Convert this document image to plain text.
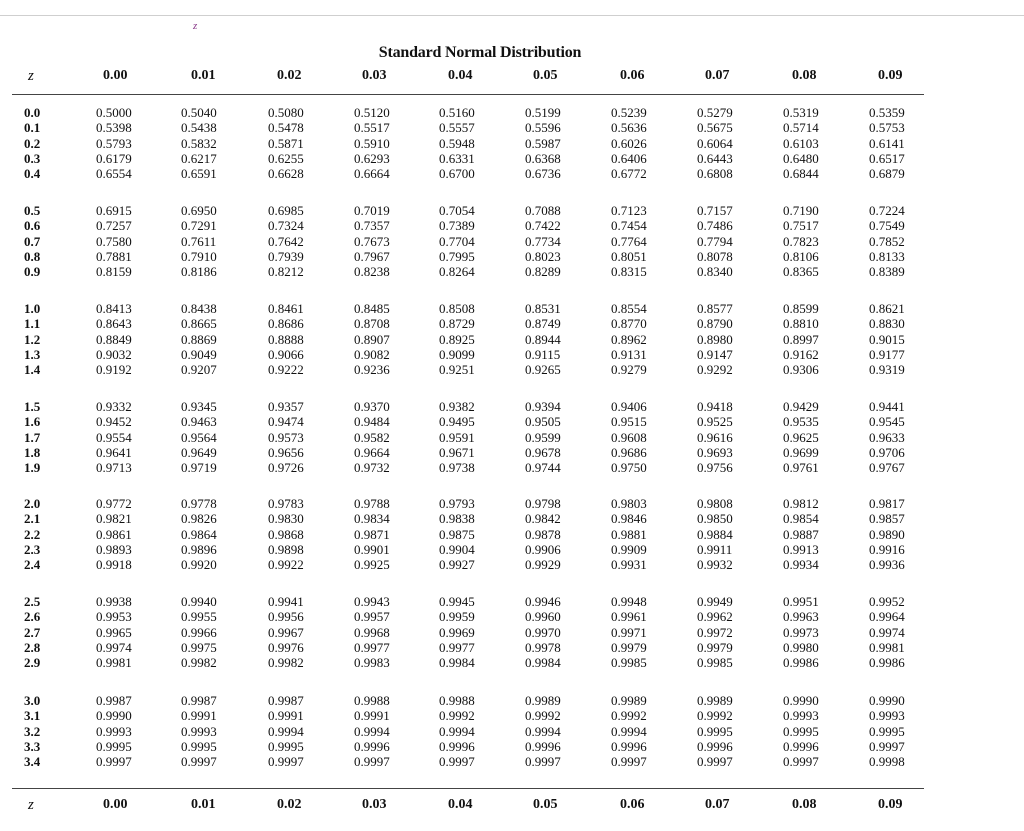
z
Standard Normal Distribution
z	0.00	0.01	0.02	0.03	0.04	0.05	0.06	0.07	0.08	0.09
0.0	0.5000	0.5040	0.5080	0.5120	0.5160	0.5199	0.5239	0.5279	0.5319	0.5359
0.1	0.5398	0.5438	0.5478	0.5517	0.5557	0.5596	0.5636	0.5675	0.5714	0.5753
0.2	0.5793	0.5832	0.5871	0.5910	0.5948	0.5987	0.6026	0.6064	0.6103	0.6141
0.3	0.6179	0.6217	0.6255	0.6293	0.6331	0.6368	0.6406	0.6443	0.6480	0.6517
0.4	0.6554	0.6591	0.6628	0.6664	0.6700	0.6736	0.6772	0.6808	0.6844	0.6879
0.5	0.6915	0.6950	0.6985	0.7019	0.7054	0.7088	0.7123	0.7157	0.7190	0.7224
0.6	0.7257	0.7291	0.7324	0.7357	0.7389	0.7422	0.7454	0.7486	0.7517	0.7549
0.7	0.7580	0.7611	0.7642	0.7673	0.7704	0.7734	0.7764	0.7794	0.7823	0.7852
0.8	0.7881	0.7910	0.7939	0.7967	0.7995	0.8023	0.8051	0.8078	0.8106	0.8133
0.9	0.8159	0.8186	0.8212	0.8238	0.8264	0.8289	0.8315	0.8340	0.8365	0.8389
1.0	0.8413	0.8438	0.8461	0.8485	0.8508	0.8531	0.8554	0.8577	0.8599	0.8621
1.1	0.8643	0.8665	0.8686	0.8708	0.8729	0.8749	0.8770	0.8790	0.8810	0.8830
1.2	0.8849	0.8869	0.8888	0.8907	0.8925	0.8944	0.8962	0.8980	0.8997	0.9015
1.3	0.9032	0.9049	0.9066	0.9082	0.9099	0.9115	0.9131	0.9147	0.9162	0.9177
1.4	0.9192	0.9207	0.9222	0.9236	0.9251	0.9265	0.9279	0.9292	0.9306	0.9319
1.5	0.9332	0.9345	0.9357	0.9370	0.9382	0.9394	0.9406	0.9418	0.9429	0.9441
1.6	0.9452	0.9463	0.9474	0.9484	0.9495	0.9505	0.9515	0.9525	0.9535	0.9545
1.7	0.9554	0.9564	0.9573	0.9582	0.9591	0.9599	0.9608	0.9616	0.9625	0.9633
1.8	0.9641	0.9649	0.9656	0.9664	0.9671	0.9678	0.9686	0.9693	0.9699	0.9706
1.9	0.9713	0.9719	0.9726	0.9732	0.9738	0.9744	0.9750	0.9756	0.9761	0.9767
2.0	0.9772	0.9778	0.9783	0.9788	0.9793	0.9798	0.9803	0.9808	0.9812	0.9817
2.1	0.9821	0.9826	0.9830	0.9834	0.9838	0.9842	0.9846	0.9850	0.9854	0.9857
2.2	0.9861	0.9864	0.9868	0.9871	0.9875	0.9878	0.9881	0.9884	0.9887	0.9890
2.3	0.9893	0.9896	0.9898	0.9901	0.9904	0.9906	0.9909	0.9911	0.9913	0.9916
2.4	0.9918	0.9920	0.9922	0.9925	0.9927	0.9929	0.9931	0.9932	0.9934	0.9936
2.5	0.9938	0.9940	0.9941	0.9943	0.9945	0.9946	0.9948	0.9949	0.9951	0.9952
2.6	0.9953	0.9955	0.9956	0.9957	0.9959	0.9960	0.9961	0.9962	0.9963	0.9964
2.7	0.9965	0.9966	0.9967	0.9968	0.9969	0.9970	0.9971	0.9972	0.9973	0.9974
2.8	0.9974	0.9975	0.9976	0.9977	0.9977	0.9978	0.9979	0.9979	0.9980	0.9981
2.9	0.9981	0.9982	0.9982	0.9983	0.9984	0.9984	0.9985	0.9985	0.9986	0.9986
3.0	0.9987	0.9987	0.9987	0.9988	0.9988	0.9989	0.9989	0.9989	0.9990	0.9990
3.1	0.9990	0.9991	0.9991	0.9991	0.9992	0.9992	0.9992	0.9992	0.9993	0.9993
3.2	0.9993	0.9993	0.9994	0.9994	0.9994	0.9994	0.9994	0.9995	0.9995	0.9995
3.3	0.9995	0.9995	0.9995	0.9996	0.9996	0.9996	0.9996	0.9996	0.9996	0.9997
3.4	0.9997	0.9997	0.9997	0.9997	0.9997	0.9997	0.9997	0.9997	0.9997	0.9998
z	0.00	0.01	0.02	0.03	0.04	0.05	0.06	0.07	0.08	0.09
